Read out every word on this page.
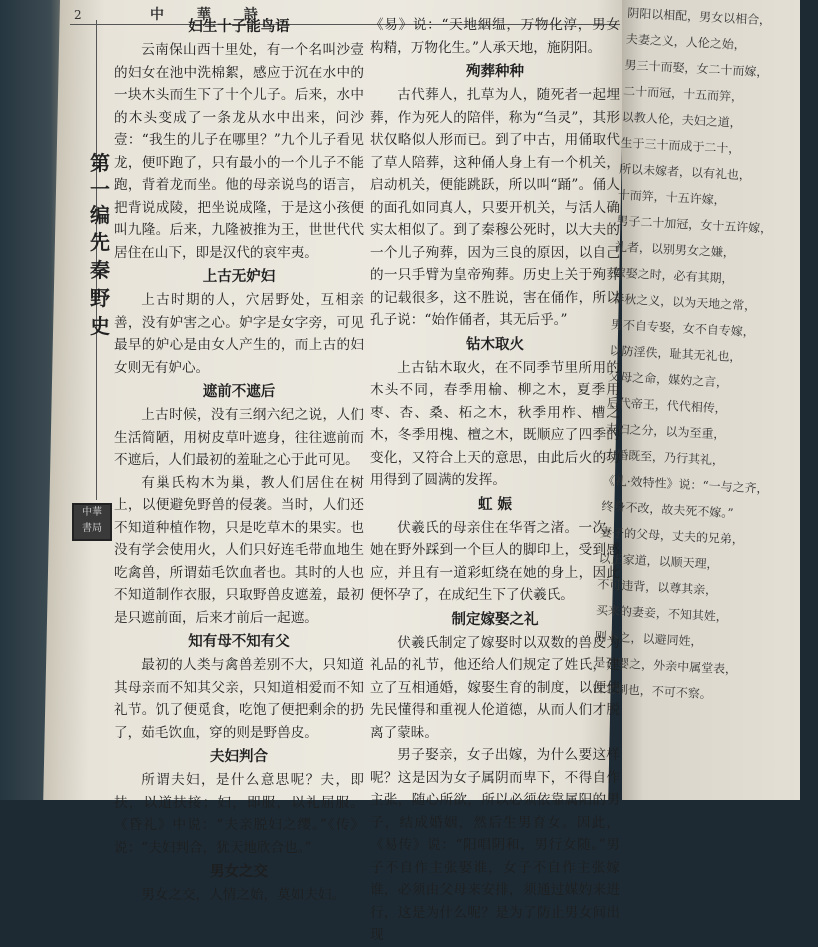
阴阳以相配，男女以相合，
夫妻之义，人伦之始，
男三十而娶，女二十而嫁，
二十而冠，十五而笄，
以教人伦，夫妇之道，
生于三十而成于二十，
所以未嫁者，以有礼也，
十而笄，十五许嫁，
男子二十加冠，女十五许嫁，
礼者，以别男女之嫌，
嫁娶之时，必有其期，
春秋之义，以为天地之常，
男不自专娶，女不自专嫁，
以防淫佚，耻其无礼也，
父母之命，媒妁之言，
后代帝王，代代相传，
夫妇之分，以为至重，
大婚既至，乃行其礼，
《礼·效特性》说：“一与之齐，
终身不改，故夫死不嫁。”
妻子的父母，丈夫的兄弟，
以正家道，以顺天理，
不可违背，以尊其亲，
买来的妻妾，不知其姓，
则卜之，以避同姓，
是否婴之，外亲中属堂表，
古之制也，不可不察。
2	中 華 詩
第
一
编
先
秦
野
史
中華
書局
妇生十子能鸟语

云南保山西十里处，有一个名叫沙壹的妇女在池中洗棉絮，感应于沉在水中的一块木头而生下了十个儿子。后来，水中的木头变成了一条龙从水中出来，问沙壹：“我生的儿子在哪里？”九个儿子看见龙，便吓跑了，只有最小的一个儿子不能跑，背着龙而坐。他的母亲说鸟的语言，把背说成陵，把坐说成隆，于是这小孩便叫九隆。后来，九隆被推为王，世世代代居住在山下，即是汉代的哀牢夷。

上古无妒妇

上古时期的人，穴居野处，互相亲善，没有妒害之心。妒字是女字旁，可见最早的妒心是由女人产生的，而上古的妇女则无有妒心。

遮前不遮后

上古时候，没有三纲六纪之说，人们生活简陋，用树皮草叶遮身，往往遮前而不遮后，人们最初的羞耻之心于此可见。

有巢氏构木为巢，教人们居住在树上，以便避免野兽的侵袭。当时，人们还不知道种植作物，只是吃草木的果实。也没有学会使用火，人们只好连毛带血地生吃禽兽，所谓茹毛饮血者也。其时的人也不知道制作衣服，只取野兽皮遮羞，最初是只遮前面，后来才前后一起遮。

知有母不知有父

最初的人类与禽兽差别不大，只知道其母亲而不知其父亲，只知道相爱而不知礼节。饥了便觅食，吃饱了便把剩余的扔了，茹毛饮血，穿的则是野兽皮。

夫妇判合

所谓夫妇，是什么意思呢？夫，即扶，以道扶接；妇，即服，以礼屈服。《昏礼》中说：“夫亲脱妇之缨。”《传》说：“夫妇判合，犹天地欣合也。”

男女之交

男女之交，人情之始，莫如夫妇。

《易》说：“天地絪缊，万物化淳，男女构精，万物化生。”人承天地，施阴阳。

殉葬种种

古代葬人，扎草为人，随死者一起埋葬，作为死人的陪伴，称为“刍灵”，其形状仅略似人形而已。到了中古，用俑取代了草人陪葬，这种俑人身上有一个机关，启动机关，便能跳跃，所以叫“踊”。俑人的面孔如同真人，只要开机关，与活人确实太相似了。到了秦穆公死时，以大夫的一个儿子殉葬，因为三良的原因，以自己的一只手臂为皇帝殉葬。历史上关于殉葬的记载很多，这不胜说，害在俑作，所以孔子说：“始作俑者，其无后乎。”

钻木取火

上古钻木取火，在不同季节里所用的木头不同，春季用榆、柳之木，夏季用枣、杏、桑、柘之木，秋季用柞、槽之木，冬季用槐、檀之木，既顺应了四季的变化，又符合上天的意思，由此后火的功用得到了圆满的发挥。

虹 娠

伏羲氏的母亲住在华胥之渚。一次，她在野外踩到一个巨人的脚印上，受到感应，并且有一道彩虹绕在她的身上，因此便怀孕了，在成纪生下了伏羲氏。

制定嫁娶之礼

伏羲氏制定了嫁娶时以双数的兽皮为礼品的礼节，他还给人们规定了姓氏，建立了互相通婚，嫁娶生育的制度，以便使先民懂得和重视人伦道德，从而人们才脱离了蒙昧。

男子娶亲，女子出嫁，为什么要这样呢？这是因为女子属阴而卑下，不得自作主张，随心所欲，所以必须依靠属阳的男子，结成婚姻，然后生男育女。因此，《易传》说：“阳唱阴和，男行女随。”男子不自作主张娶谁，女子不自作主张嫁谁，必须由父母来安排，须通过媒妁来进行，这是为什么呢？是为了防止男女间出现
